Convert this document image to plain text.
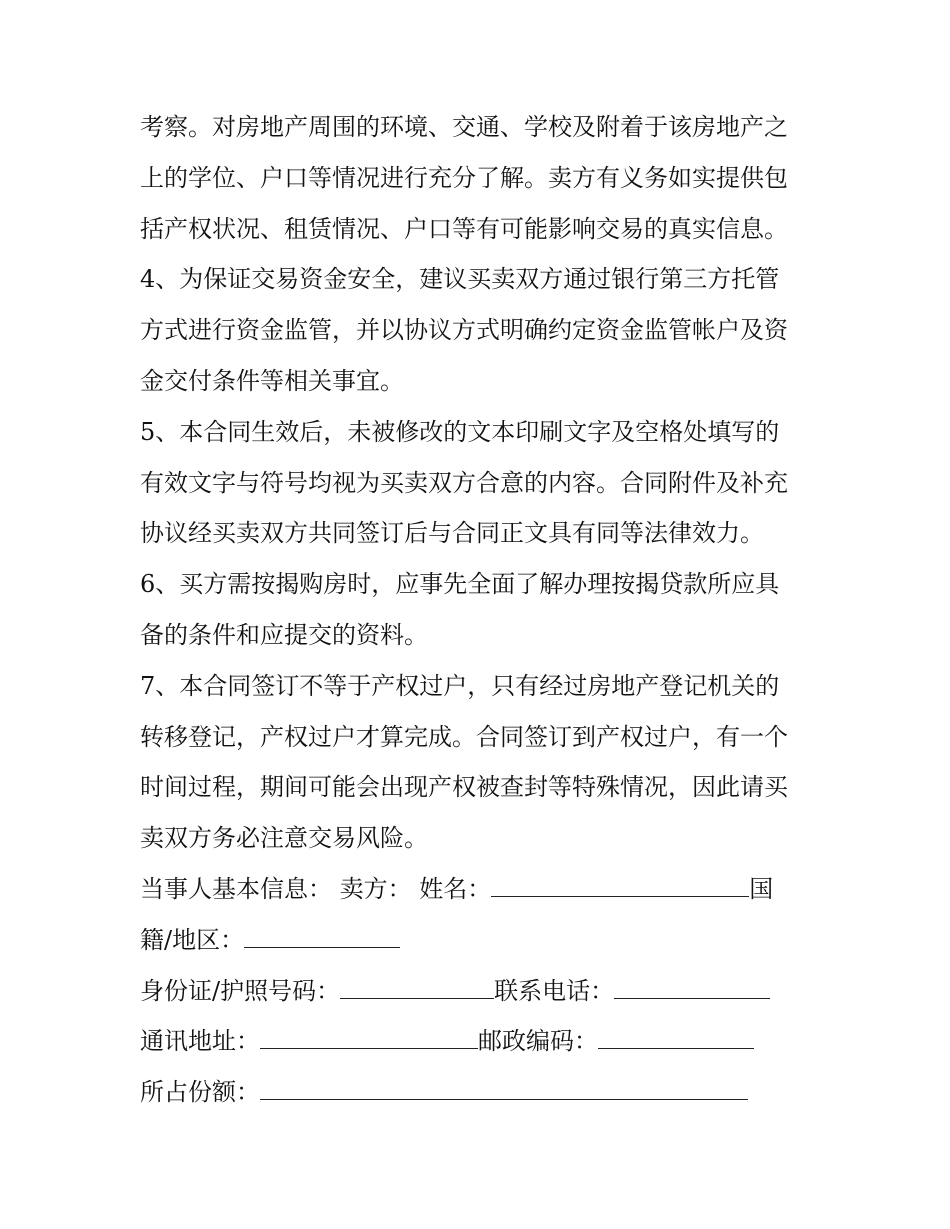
考察。对房地产周围的环境、交通、学校及附着于该房地产之
上的学位、户口等情况进行充分了解。卖方有义务如实提供包
括产权状况、租赁情况、户口等有可能影响交易的真实信息。
4、为保证交易资金安全，建议买卖双方通过银行第三方托管
方式进行资金监管，并以协议方式明确约定资金监管帐户及资
金交付条件等相关事宜。
5、本合同生效后，未被修改的文本印刷文字及空格处填写的
有效文字与符号均视为买卖双方合意的内容。合同附件及补充
协议经买卖双方共同签订后与合同正文具有同等法律效力。
6、买方需按揭购房时，应事先全面了解办理按揭贷款所应具
备的条件和应提交的资料。
7、本合同签订不等于产权过户，只有经过房地产登记机关的
转移登记，产权过户才算完成。合同签订到产权过户，有一个
时间过程，期间可能会出现产权被查封等特殊情况，因此请买
卖双方务必注意交易风险。
当事人基本信息： 卖方： 姓名：	国
籍/地区：
身份证/护照号码：	联系电话：
通讯地址：	邮政编码：
所占份额：
